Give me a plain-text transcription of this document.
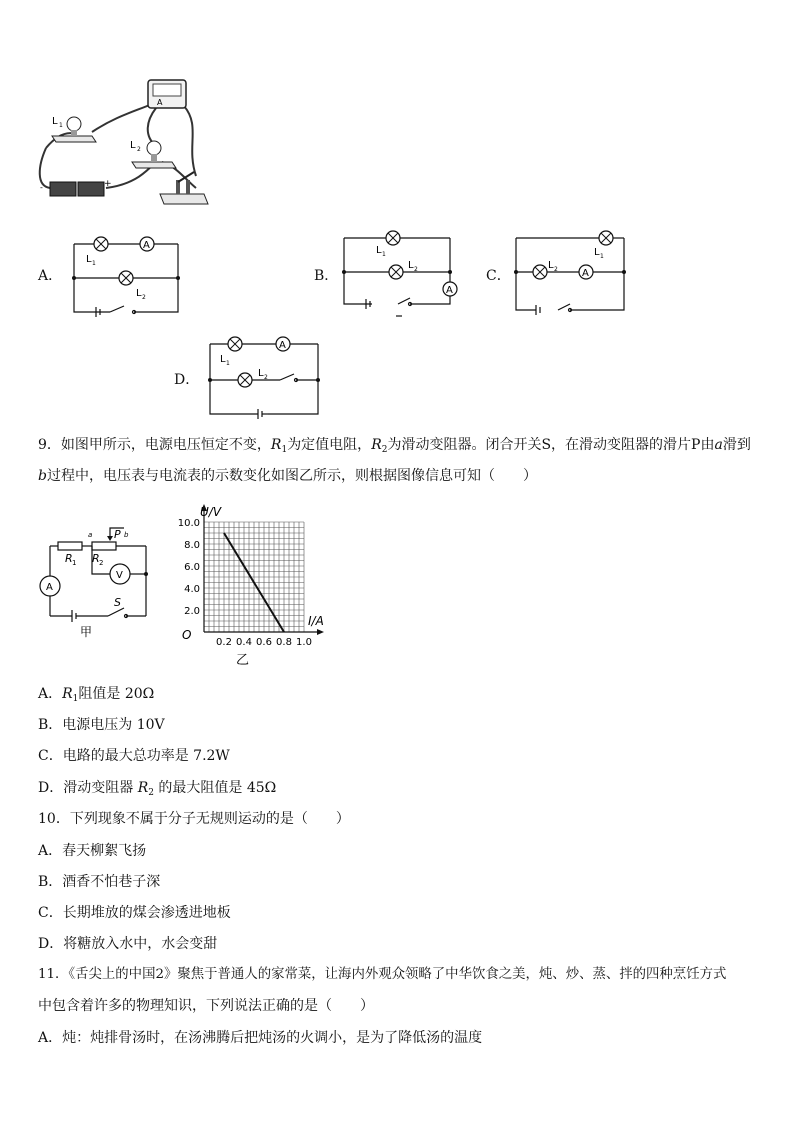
A
L 1
L 2
-	+
A．
A
L 1
L 2
B．
A
L 1
L 2	C．	A
L 1
L 2
D．
A
L 1
L 2
9．如图甲所示，电源电压恒定不变，$R_1$为定值电阻，$R_2$为滑动变阻器。闭合开关S，在滑动变阻器的滑片P由a滑到
b过程中，电压表与电流表的示数变化如图乙所示，则根据图像信息可知（　　）
a P b
R 1 R 2
A
V
S
甲
0.2 0.4 0.6 0.8 1.0
2.0
4.0
6.0
8.0
10.0
U/V
I/A
O
乙
A．$R_1$阻值是 20Ω
B．电源电压为 10V
C．电路的最大总功率是 7.2W
D．滑动变阻器 $R_2$ 的最大阻值是 45Ω
10．下列现象不属于分子无规则运动的是（　　）
A．春天柳絮飞扬
B．酒香不怕巷子深
C．长期堆放的煤会渗透进地板
D．将糖放入水中，水会变甜
11．《舌尖上的中国2》聚焦于普通人的家常菜，让海内外观众领略了中华饮食之美，炖、炒、蒸、拌的四种烹饪方式
中包含着许多的物理知识，下列说法正确的是（　　）
A．炖：炖排骨汤时，在汤沸腾后把炖汤的火调小，是为了降低汤的温度
